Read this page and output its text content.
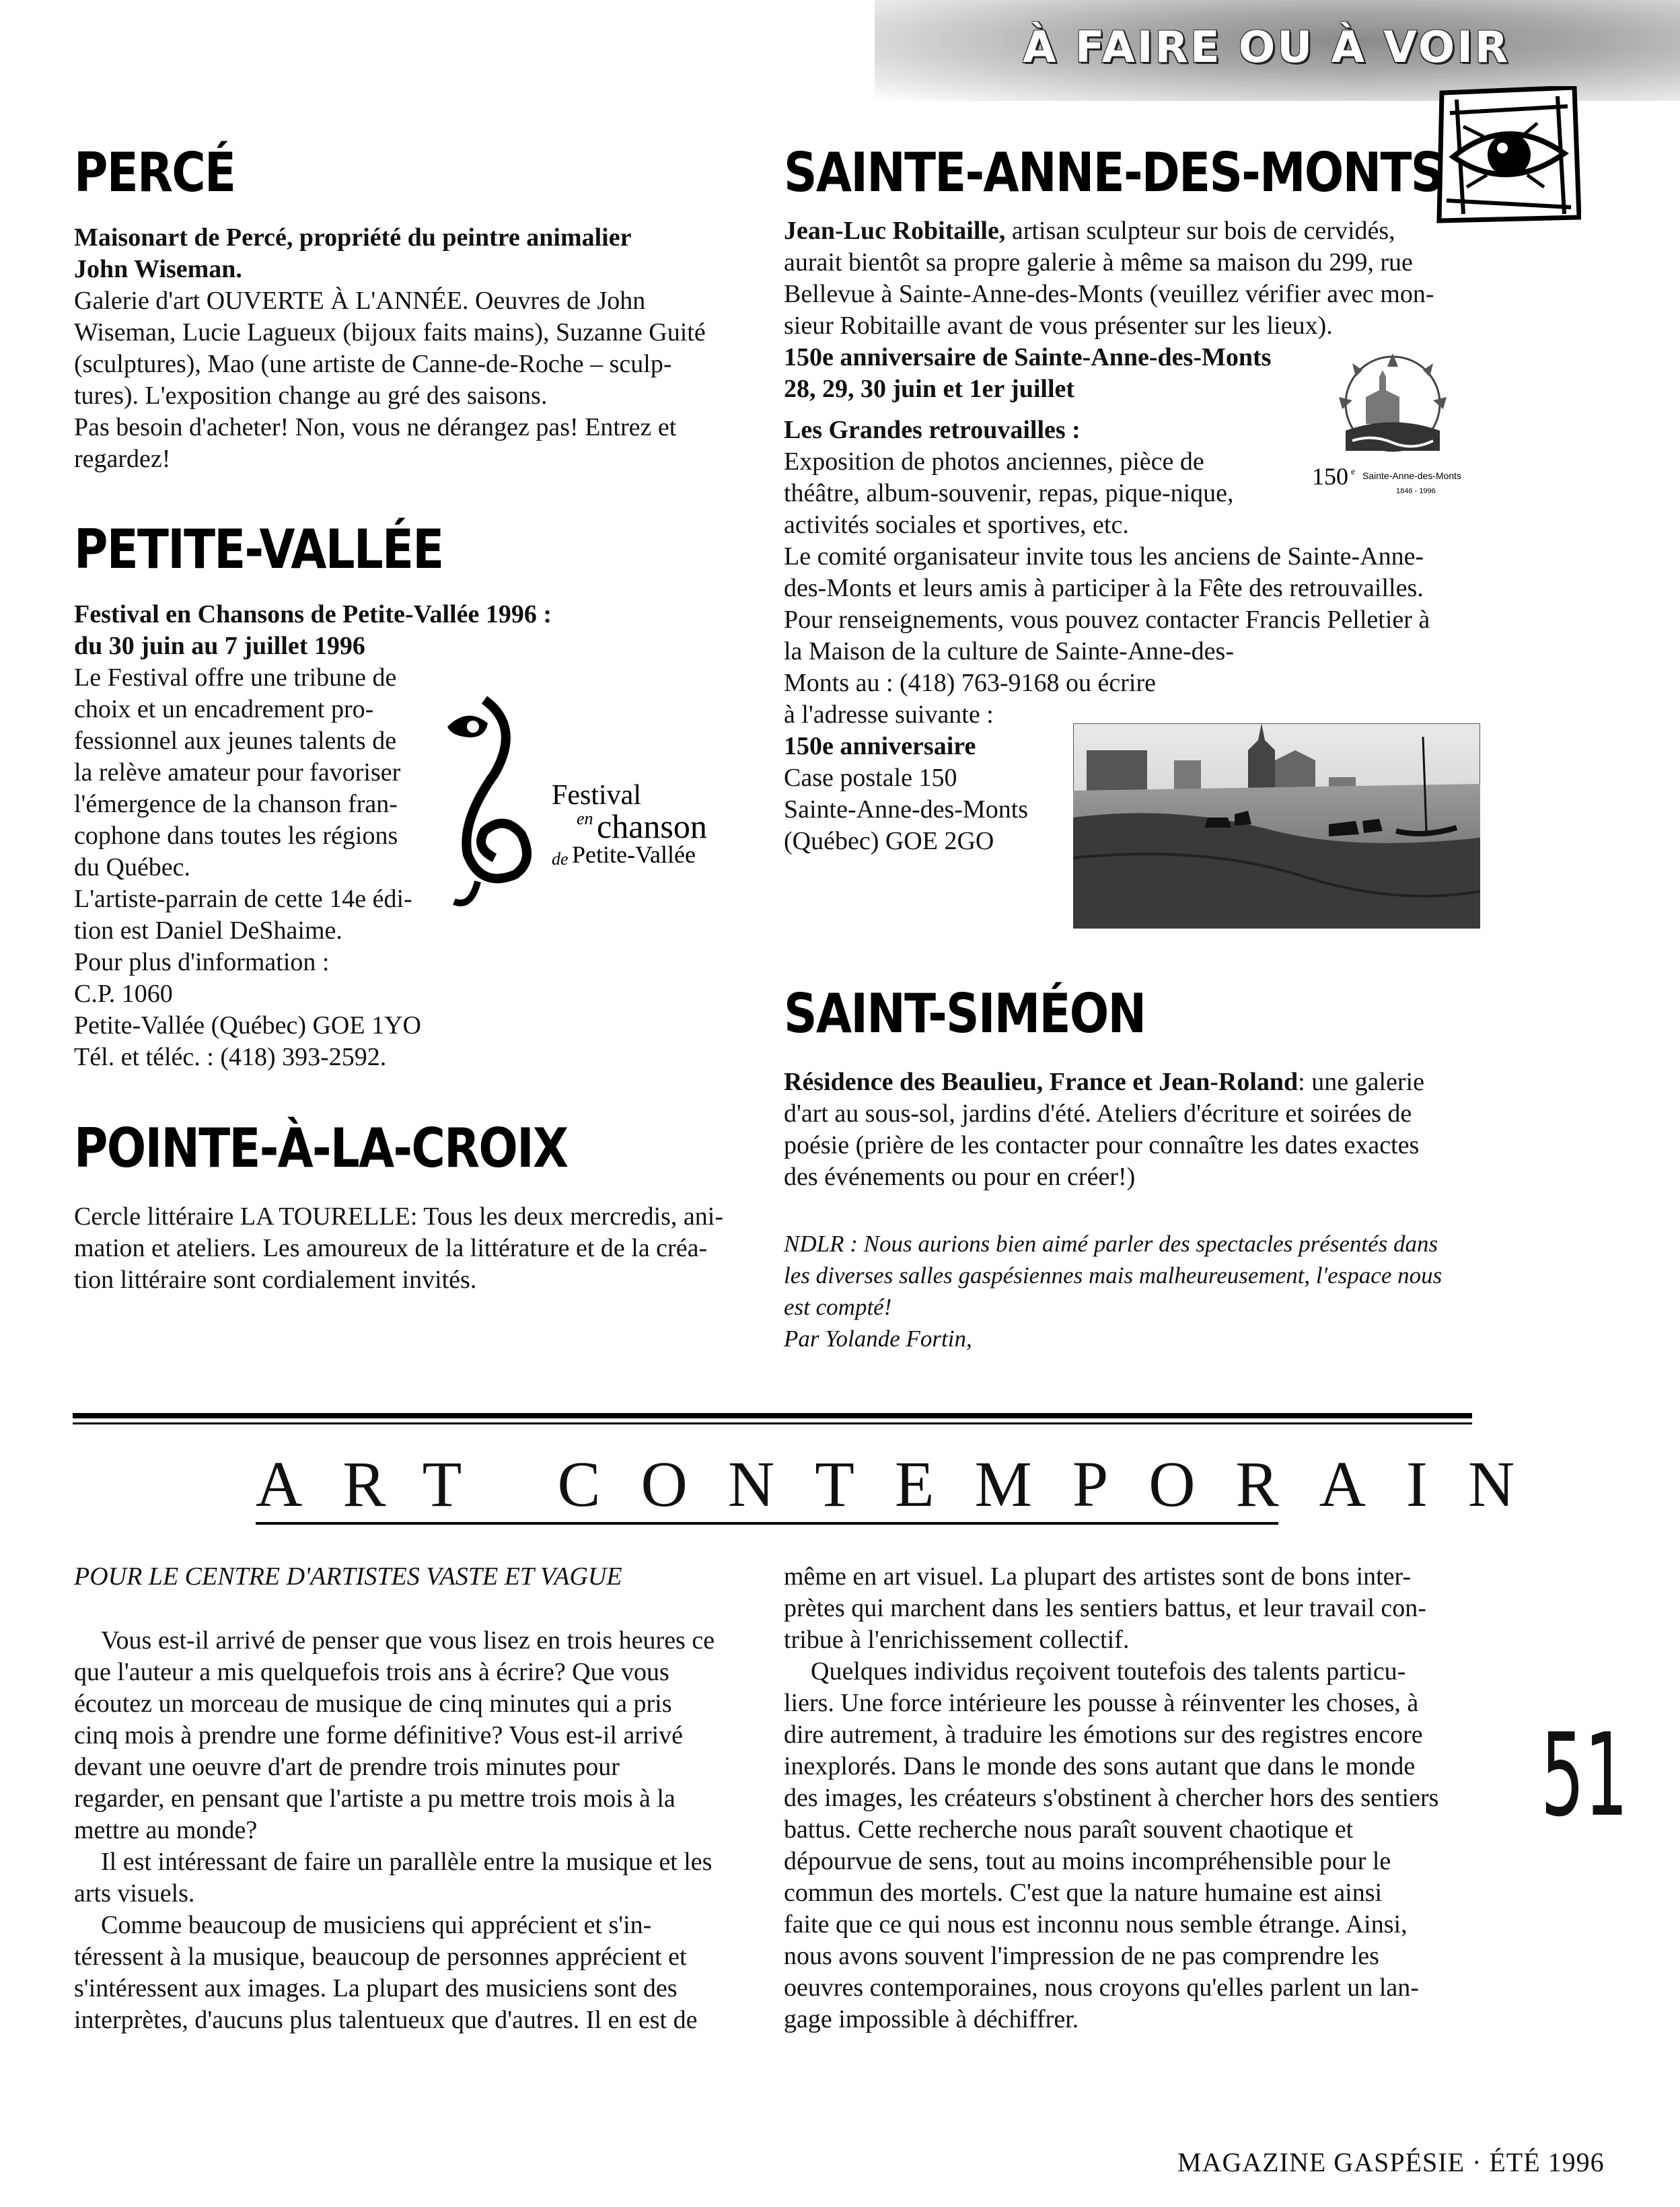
À FAIRE OU À VOIR
PERCÉ

Maisonart de Percé, propriété du peintre animalier

John Wiseman.

Galerie d'art OUVERTE À L'ANNÉE. Oeuvres de John

Wiseman, Lucie Lagueux (bijoux faits mains), Suzanne Guité

(sculptures), Mao (une artiste de Canne-de-Roche – sculp-

tures). L'exposition change au gré des saisons.

Pas besoin d'acheter! Non, vous ne dérangez pas! Entrez et

regardez!

PETITE-VALLÉE

Festival en Chansons de Petite-Vallée 1996 :

du 30 juin au 7 juillet 1996

Le Festival offre une tribune de

choix et un encadrement pro-

fessionnel aux jeunes talents de

la relève amateur pour favoriser

l'émergence de la chanson fran-

cophone dans toutes les régions

du Québec.

L'artiste-parrain de cette 14e édi-

tion est Daniel DeShaime.

Pour plus d'information :

C.P. 1060

Petite-Vallée (Québec) GOE 1YO

Tél. et téléc. : (418) 393-2592.

Festival
en chanson
de Petite-Vallée
POINTE-À-LA-CROIX

Cercle littéraire LA TOURELLE: Tous les deux mercredis, ani-

mation et ateliers. Les amoureux de la littérature et de la créa-

tion littéraire sont cordialement invités.

SAINTE-ANNE-DES-MONTS

Jean-Luc Robitaille, artisan sculpteur sur bois de cervidés,

aurait bientôt sa propre galerie à même sa maison du 299, rue

Bellevue à Sainte-Anne-des-Monts (veuillez vérifier avec mon-

sieur Robitaille avant de vous présenter sur les lieux).

150e anniversaire de Sainte-Anne-des-Monts

28, 29, 30 juin et 1er juillet

Les Grandes retrouvailles :

Exposition de photos anciennes, pièce de

théâtre, album-souvenir, repas, pique-nique,

activités sociales et sportives, etc.

Le comité organisateur invite tous les anciens de Sainte-Anne-

des-Monts et leurs amis à participer à la Fête des retrouvailles.

Pour renseignements, vous pouvez contacter Francis Pelletier à

la Maison de la culture de Sainte-Anne-des-

Monts au : (418) 763-9168 ou écrire

à l'adresse suivante :

150e anniversaire

Case postale 150

Sainte-Anne-des-Monts

(Québec) GOE 2GO

150 e Sainte-Anne-des-Monts
1846 - 1996
SAINT-SIMÉON

Résidence des Beaulieu, France et Jean-Roland: une galerie

d'art au sous-sol, jardins d'été. Ateliers d'écriture et soirées de

poésie (prière de les contacter pour connaître les dates exactes

des événements ou pour en créer!)

NDLR : Nous aurions bien aimé parler des spectacles présentés dans

les diverses salles gaspésiennes mais malheureusement, l'espace nous

est compté!

Par Yolande Fortin,

ART CONTEMPORAIN
POUR LE CENTRE D'ARTISTES VASTE ET VAGUE

Vous est-il arrivé de penser que vous lisez en trois heures ce

que l'auteur a mis quelquefois trois ans à écrire? Que vous

écoutez un morceau de musique de cinq minutes qui a pris

cinq mois à prendre une forme définitive? Vous est-il arrivé

devant une oeuvre d'art de prendre trois minutes pour

regarder, en pensant que l'artiste a pu mettre trois mois à la

mettre au monde?

Il est intéressant de faire un parallèle entre la musique et les

arts visuels.

Comme beaucoup de musiciens qui apprécient et s'in-

téressent à la musique, beaucoup de personnes apprécient et

s'intéressent aux images. La plupart des musiciens sont des

interprètes, d'aucuns plus talentueux que d'autres. Il en est de

même en art visuel. La plupart des artistes sont de bons inter-

prètes qui marchent dans les sentiers battus, et leur travail con-

tribue à l'enrichissement collectif.

Quelques individus reçoivent toutefois des talents particu-

liers. Une force intérieure les pousse à réinventer les choses, à

dire autrement, à traduire les émotions sur des registres encore

inexplorés. Dans le monde des sons autant que dans le monde

des images, les créateurs s'obstinent à chercher hors des sentiers

battus. Cette recherche nous paraît souvent chaotique et

dépourvue de sens, tout au moins incompréhensible pour le

commun des mortels. C'est que la nature humaine est ainsi

faite que ce qui nous est inconnu nous semble étrange. Ainsi,

nous avons souvent l'impression de ne pas comprendre les

oeuvres contemporaines, nous croyons qu'elles parlent un lan-

gage impossible à déchiffrer.

51
MAGAZINE GASPÉSIE · ÉTÉ 1996
